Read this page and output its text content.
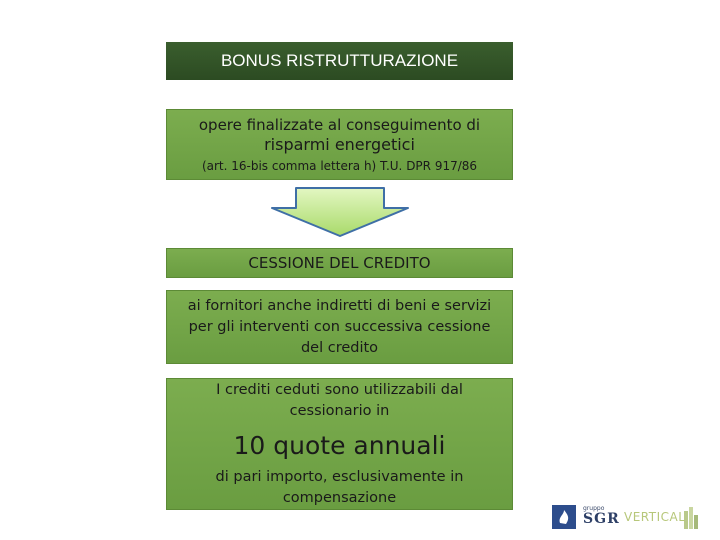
BONUS RISTRUTTURAZIONE
opere finalizzate al conseguimento di
risparmi energetici
(art. 16-bis comma lettera h) T.U. DPR 917/86
CESSIONE DEL CREDITO
ai fornitori anche indiretti di beni e servizi per gli interventi con successiva cessione del credito
I crediti ceduti sono utilizzabili dal cessionario in
10 quote annuali
di pari importo, esclusivamente in compensazione
gruppo
SGR VERTICAL
